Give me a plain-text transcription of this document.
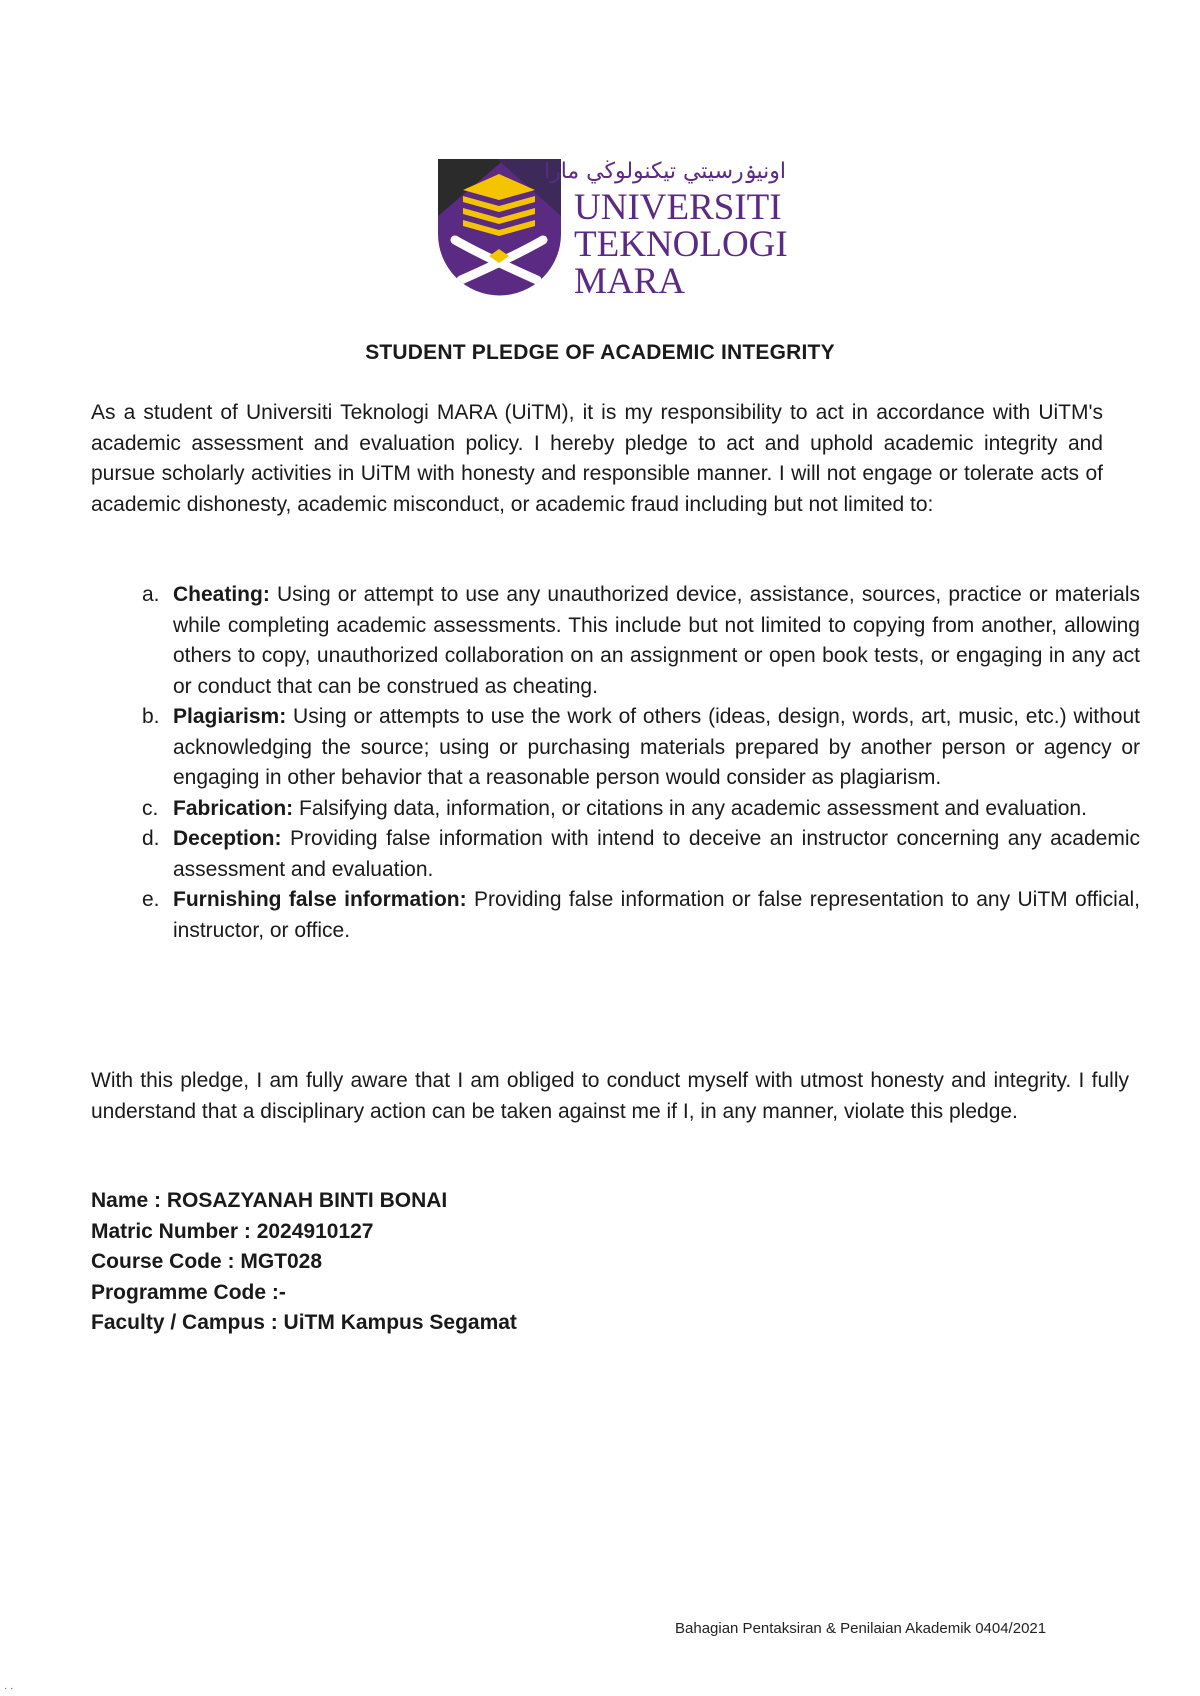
اونيۏرسيتي تيكنولوڬي مارا
UNIVERSITI
TEKNOLOGI
MARA
STUDENT PLEDGE OF ACADEMIC INTEGRITY
As a student of Universiti Teknologi MARA (UiTM), it is my responsibility to act in accordance with UiTM's academic assessment and evaluation policy. I hereby pledge to act and uphold academic integrity and pursue scholarly activities in UiTM with honesty and responsible manner. I will not engage or tolerate acts of academic dishonesty, academic misconduct, or academic fraud including but not limited to:
a. Cheating: Using or attempt to use any unauthorized device, assistance, sources, practice or materials while completing academic assessments. This include but not limited to copying from another, allowing others to copy, unauthorized collaboration on an assignment or open book tests, or engaging in any act or conduct that can be construed as cheating.
b. Plagiarism: Using or attempts to use the work of others (ideas, design, words, art, music, etc.) without acknowledging the source; using or purchasing materials prepared by another person or agency or engaging in other behavior that a reasonable person would consider as plagiarism.
c. Fabrication: Falsifying data, information, or citations in any academic assessment and evaluation.
d. Deception: Providing false information with intend to deceive an instructor concerning any academic assessment and evaluation.
e. Furnishing false information: Providing false information or false representation to any UiTM official, instructor, or office.
With this pledge, I am fully aware that I am obliged to conduct myself with utmost honesty and integrity. I fully understand that a disciplinary action can be taken against me if I, in any manner, violate this pledge.
Name : ROSAZYANAH BINTI BONAI
Matric Number : 2024910127
Course Code : MGT028
Programme Code :-
Faculty / Campus : UiTM Kampus Segamat
Bahagian Pentaksiran & Penilaian Akademik 0404/2021
· ·
